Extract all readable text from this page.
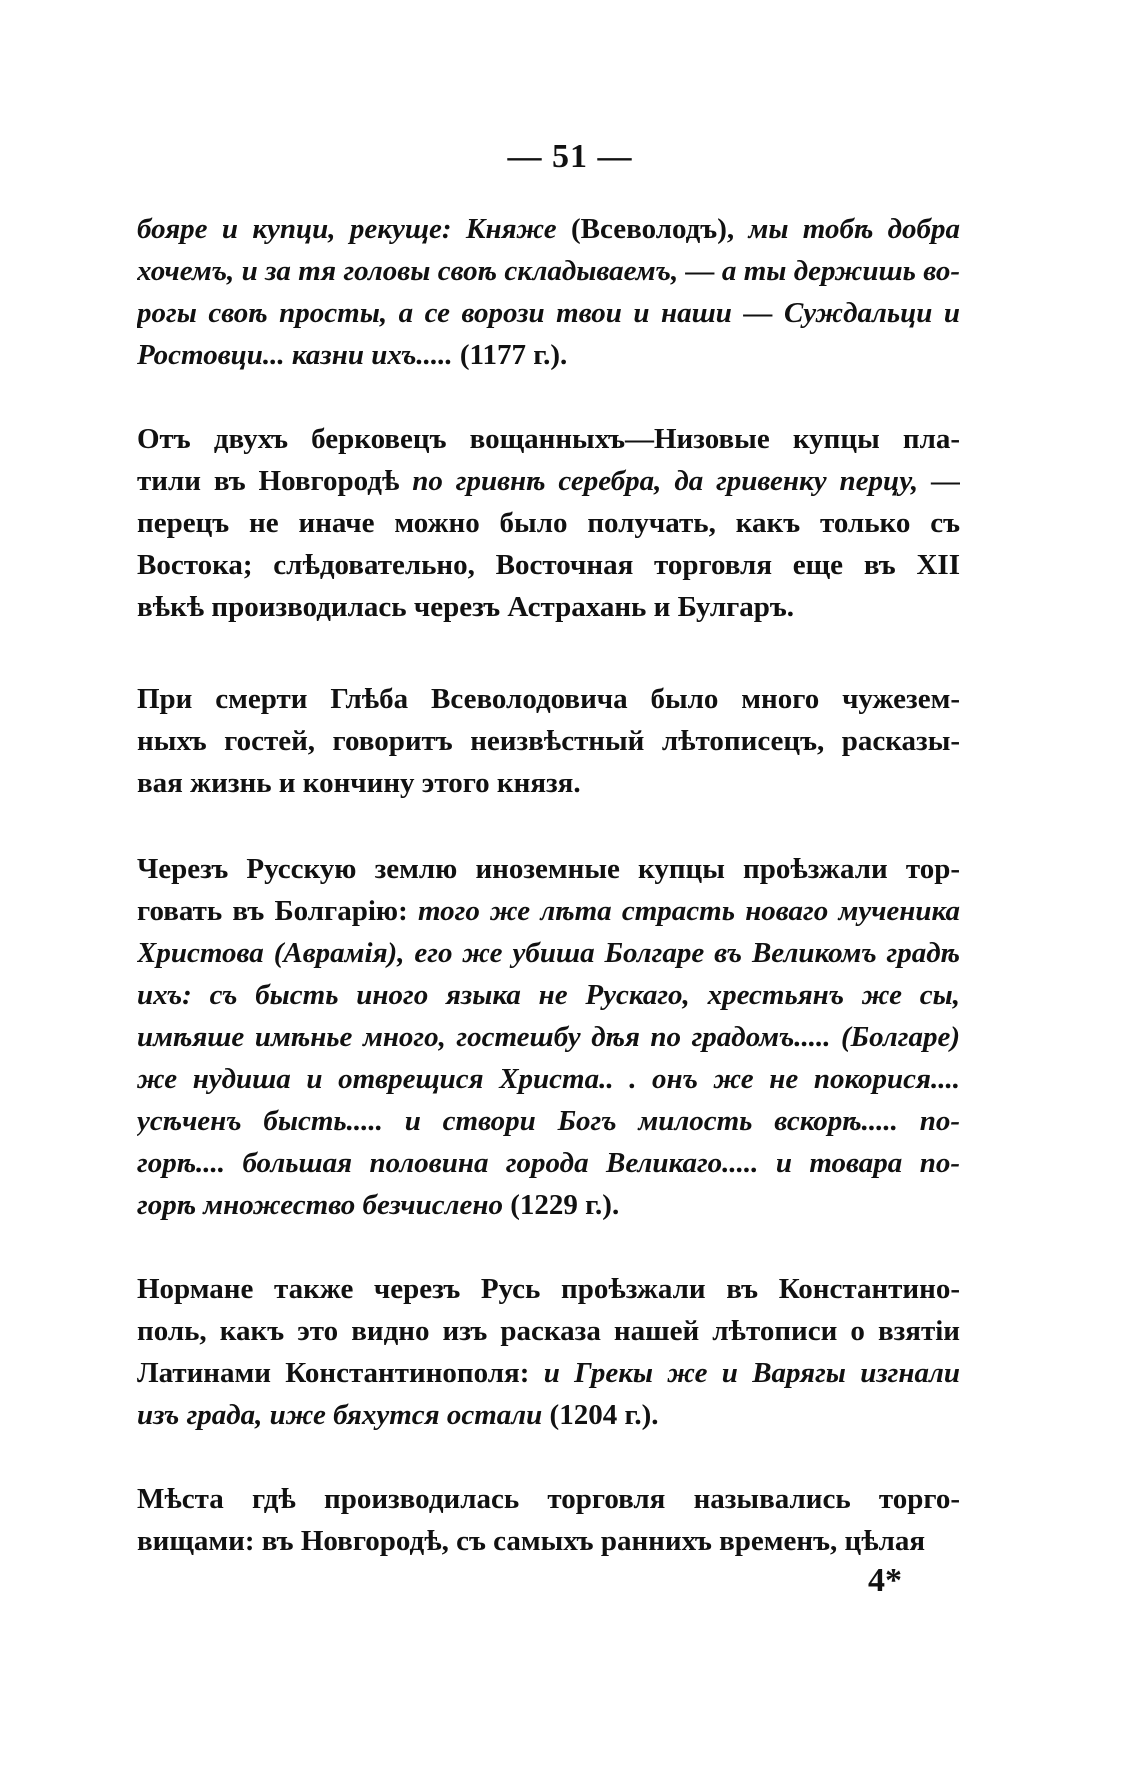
— 51 —
бояре и купци, рекуще: Княже (Всеволодъ), мы тобѣ добра
хочемъ, и за тя головы своѣ складываемъ, — а ты держишь во-
рогы своѣ просты, а се ворози твои и наши — Суждальци и
Ростовци... казни ихъ..... (1177 г.).
Отъ двухъ берковецъ вощанныхъ—Низовые купцы пла-
тили въ Новгородѣ по гривнѣ серебра, да гривенку перцу, —
перецъ не иначе можно было получать, какъ только съ
Востока; слѣдовательно, Восточная торговля еще въ XII
вѣкѣ производилась черезъ Астрахань и Булгаръ.
При смерти Глѣба Всеволодовича было много чужезем-
ныхъ гостей, говоритъ неизвѣстный лѣтописецъ, расказы-
вая жизнь и кончину этого князя.
Черезъ Русскую землю иноземные купцы проѣзжали тор-
говать въ Болгарію: того же лѣта страсть новаго мученика
Христова (Аврамія), его же убиша Болгаре въ Великомъ градѣ
ихъ: съ бысть иного языка не Рускаго, хрестьянъ же сы,
имѣяше имѣнье много, гостешбу дѣя по градомъ..... (Болгаре)
же нудиша и отврещися Христа.. . онъ же не покорися....
усѣченъ бысть..... и створи Богъ милость вскорѣ..... по-
горѣ.... большая половина города Великаго..... и товара по-
горѣ множество безчислено (1229 г.).
Нормане также черезъ Русь проѣзжали въ Константино-
поль, какъ это видно изъ расказа нашей лѣтописи о взятіи
Латинами Константинополя: и Грекы же и Варягы изгнали
изъ града, иже бяхутся остали (1204 г.).
Мѣста гдѣ производилась торговля назывались торго-
вищами: въ Новгородѣ, съ самыхъ раннихъ временъ, цѣлая
4*
